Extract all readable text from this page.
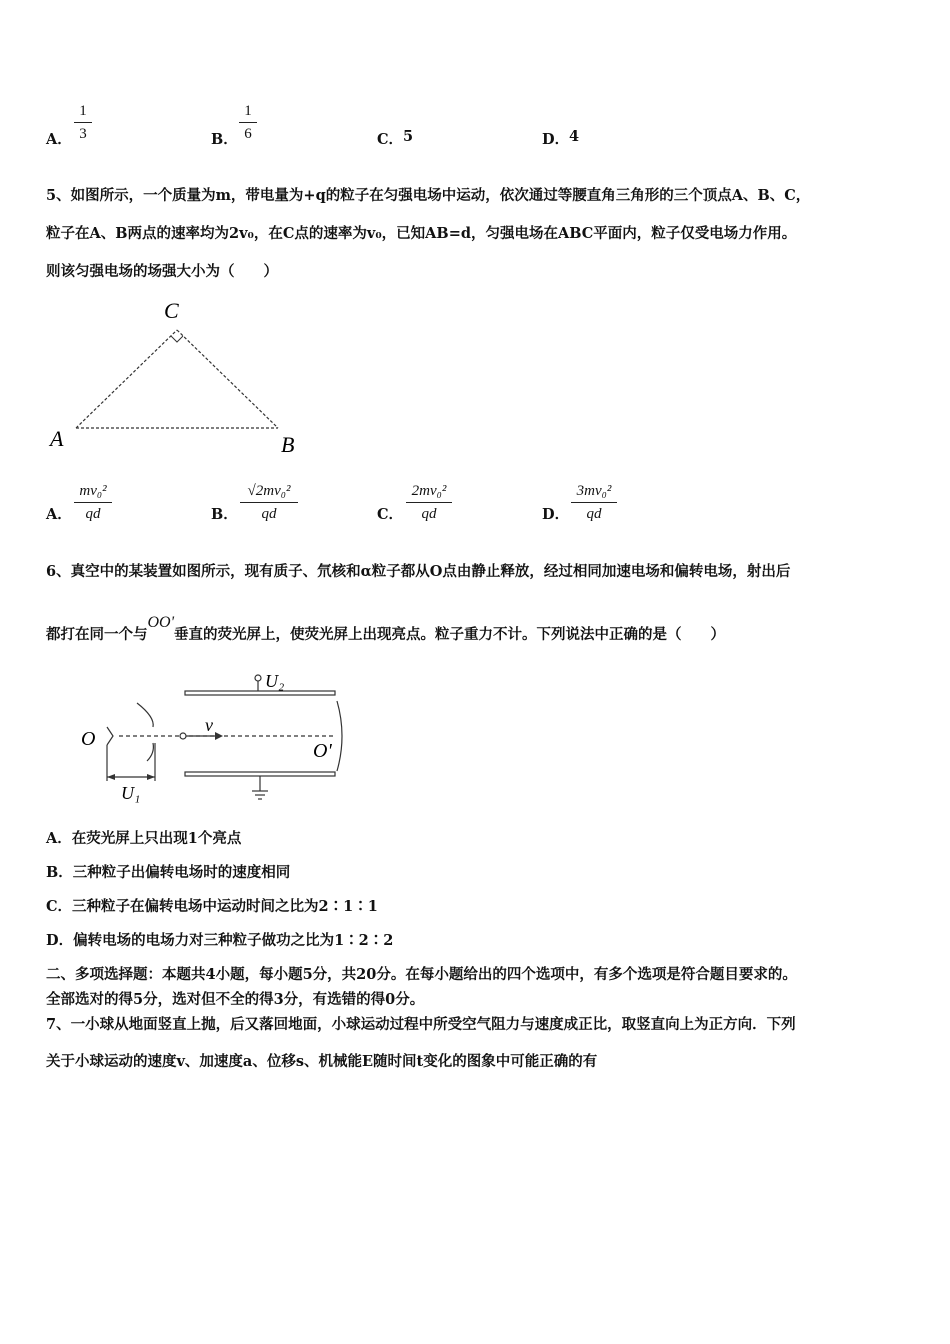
A．
1
3	B．
1
6	C． 5	D． 4
5、如图所示，一个质量为m，带电量为+q的粒子在匀强电场中运动，依次通过等腰直角三角形的三个顶点A、B、C，
粒子在A、B两点的速率均为2v₀，在C点的速率为v₀，已知AB=d，匀强电场在ABC平面内，粒子仅受电场力作用。
则该匀强电场的场强大小为（　　）
A	B
C
A．
mv₀²
qd	B．
√2mv₀²
qd	C．
2mv₀²
qd	D．
3mv₀²
qd
6、真空中的某装置如图所示，现有质子、氘核和α粒子都从O点由静止释放，经过相同加速电场和偏转电场，射出后
都打在同一个与OO'垂直的荧光屏上，使荧光屏上出现亮点。粒子重力不计。下列说法中正确的是（　　）
U₂
O
v
O'
U₁
A．在荧光屏上只出现1个亮点
B．三种粒子出偏转电场时的速度相同
C．三种粒子在偏转电场中运动时间之比为2∶1∶1
D．偏转电场的电场力对三种粒子做功之比为1∶2∶2
二、多项选择题：本题共4小题，每小题5分，共20分。在每小题给出的四个选项中，有多个选项是符合题目要求的。
全部选对的得5分，选对但不全的得3分，有选错的得0分。
7、一小球从地面竖直上抛，后又落回地面，小球运动过程中所受空气阻力与速度成正比，取竖直向上为正方向．下列
关于小球运动的速度v、加速度a、位移s、机械能E随时间t变化的图象中可能正确的有
